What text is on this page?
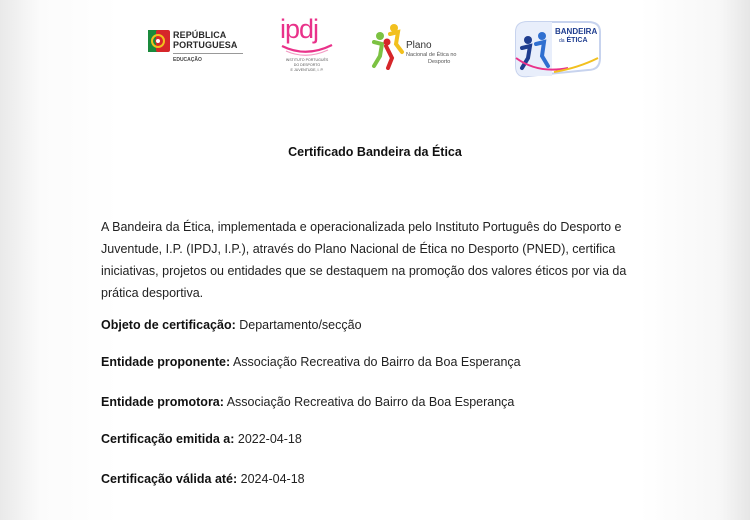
REPÚBLICA
PORTUGUESA
EDUCAÇÃO
ipdj
INSTITUTO PORTUGUÊS
DO DESPORTO
E JUVENTUDE, I. P.
Plano
Nacional de Ética no
Desporto
BANDEIRA
da ÉTICA
Certificado Bandeira da Ética
A Bandeira da Ética, implementada e operacionalizada pelo Instituto Português do Desporto e Juventude, I.P. (IPDJ, I.P.), através do Plano Nacional de Ética no Desporto (PNED), certifica iniciativas, projetos ou entidades que se destaquem na promoção dos valores éticos por via da prática desportiva.
Objeto de certificação: Departamento/secção
Entidade proponente: Associação Recreativa do Bairro da Boa Esperança
Entidade promotora: Associação Recreativa do Bairro da Boa Esperança
Certificação emitida a: 2022-04-18
Certificação válida até: 2024-04-18
